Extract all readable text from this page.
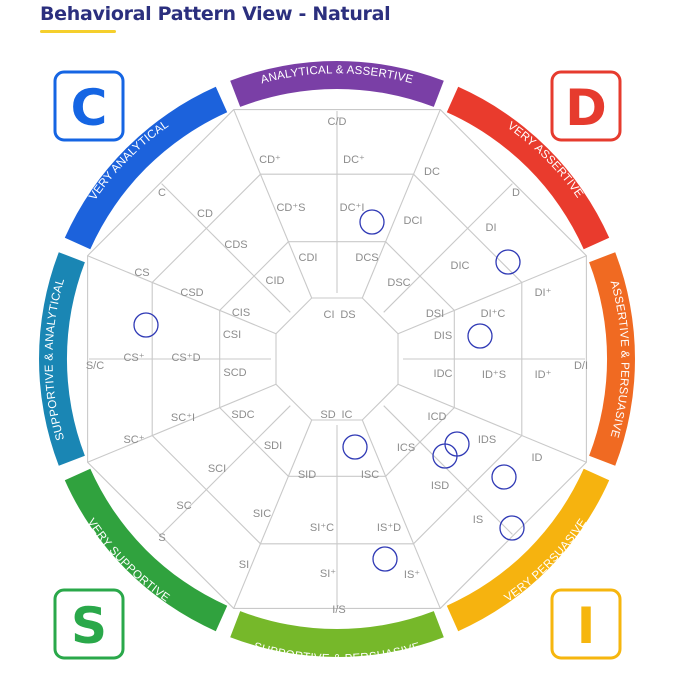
Behavioral Pattern View - Natural
ANALYTICAL & ASSERTIVE
VERY ASSERTIVE
ASSERTIVE & PERSUASIVE
VERY PERSUASIVE
SUPPORTIVE & PERSUASIVE
VERY SUPPORTIVE
SUPPORTIVE & ANALYTICAL
VERY ANALYTICAL
C	D
S	I
C/D
CD⁺	DC⁺
C
DC
D
CD	CD⁺S	DC⁺I
DCI
CDS
CDI	DCS
DI
CS
CID
DIC
CSD
DSC
DI⁺
CIS	DSI	DI⁺C
CI DS
CSI	DIS
S/C
CS⁺ CS⁺D
D/I
SCD	IDC	ID⁺S	ID⁺
SD IC
SC⁺I	SDC	ICD
SC⁺	IDS
SDI	ICS
ID
SCI
ISD
SID	ISC
SC
IS
SIC
S
SI⁺C	IS⁺D
SI
SI⁺	IS⁺
I/S
